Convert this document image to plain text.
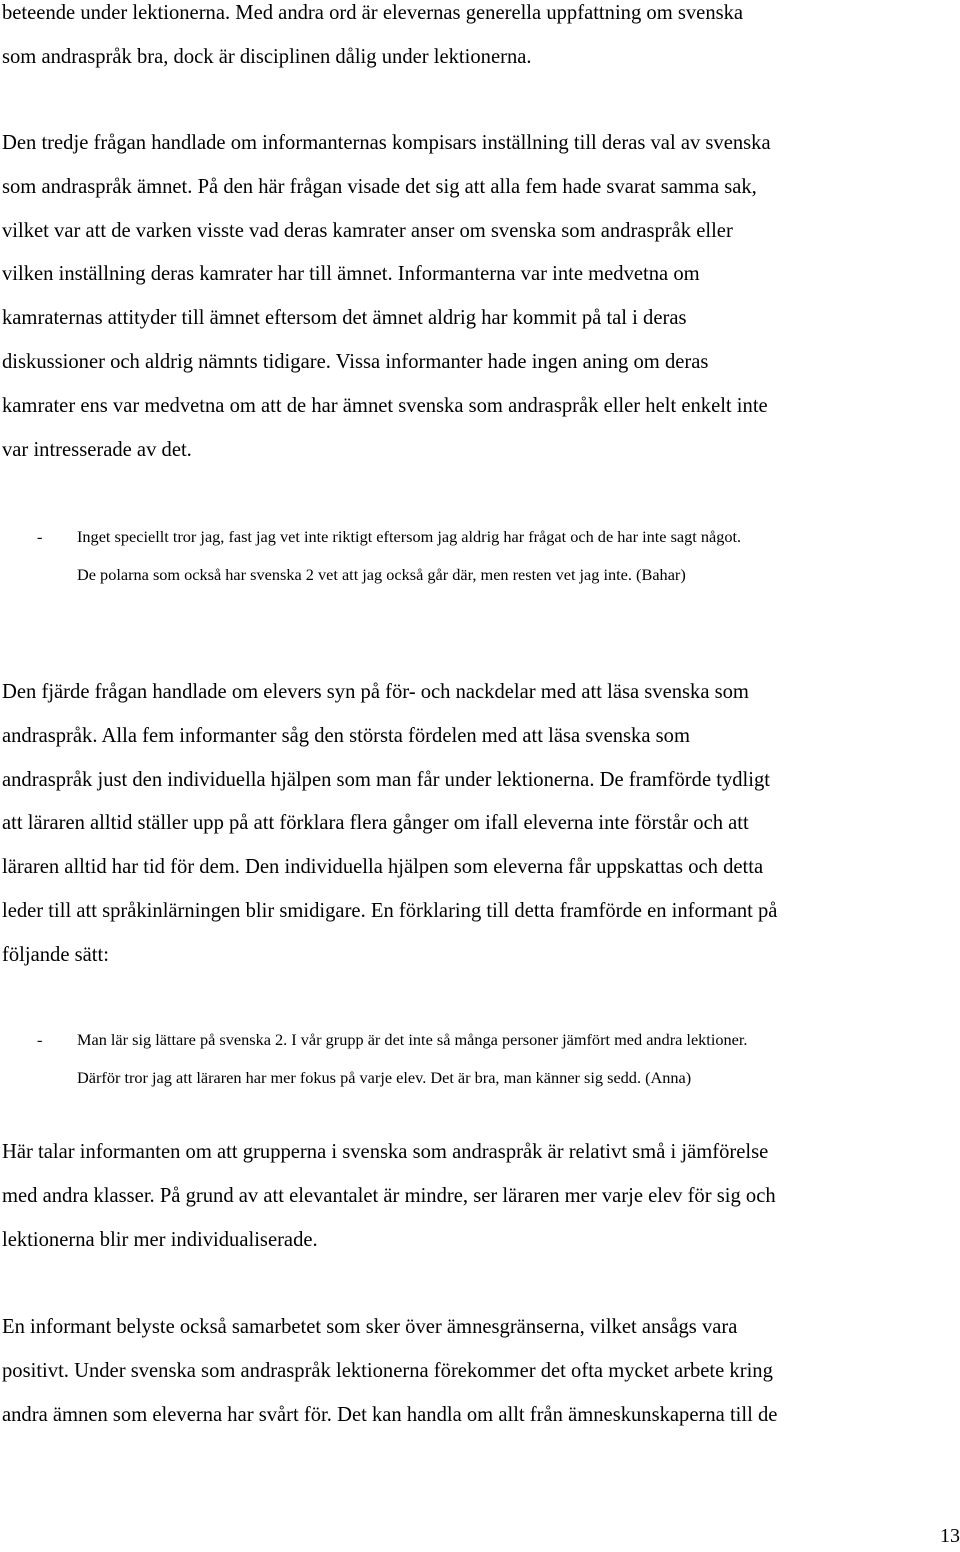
beteende under lektionerna. Med andra ord är elevernas generella uppfattning om svenska
som andraspråk bra, dock är disciplinen dålig under lektionerna.
Den tredje frågan handlade om informanternas kompisars inställning till deras val av svenska
som andraspråk ämnet. På den här frågan visade det sig att alla fem hade svarat samma sak,
vilket var att de varken visste vad deras kamrater anser om svenska som andraspråk eller
vilken inställning deras kamrater har till ämnet. Informanterna var inte medvetna om
kamraternas attityder till ämnet eftersom det ämnet aldrig har kommit på tal i deras
diskussioner och aldrig nämnts tidigare. Vissa informanter hade ingen aning om deras
kamrater ens var medvetna om att de har ämnet svenska som andraspråk eller helt enkelt inte
var intresserade av det.
- Inget speciellt tror jag, fast jag vet inte riktigt eftersom jag aldrig har frågat och de har inte sagt något.
De polarna som också har svenska 2 vet att jag också går där, men resten vet jag inte. (Bahar)
Den fjärde frågan handlade om elevers syn på för- och nackdelar med att läsa svenska som
andraspråk. Alla fem informanter såg den största fördelen med att läsa svenska som
andraspråk just den individuella hjälpen som man får under lektionerna. De framförde tydligt
att läraren alltid ställer upp på att förklara flera gånger om ifall eleverna inte förstår och att
läraren alltid har tid för dem. Den individuella hjälpen som eleverna får uppskattas och detta
leder till att språkinlärningen blir smidigare. En förklaring till detta framförde en informant på
följande sätt:
- Man lär sig lättare på svenska 2. I vår grupp är det inte så många personer jämfört med andra lektioner.
Därför tror jag att läraren har mer fokus på varje elev. Det är bra, man känner sig sedd. (Anna)
Här talar informanten om att grupperna i svenska som andraspråk är relativt små i jämförelse
med andra klasser. På grund av att elevantalet är mindre, ser läraren mer varje elev för sig och
lektionerna blir mer individualiserade.
En informant belyste också samarbetet som sker över ämnesgränserna, vilket ansågs vara
positivt. Under svenska som andraspråk lektionerna förekommer det ofta mycket arbete kring
andra ämnen som eleverna har svårt för. Det kan handla om allt från ämneskunskaperna till de
13
